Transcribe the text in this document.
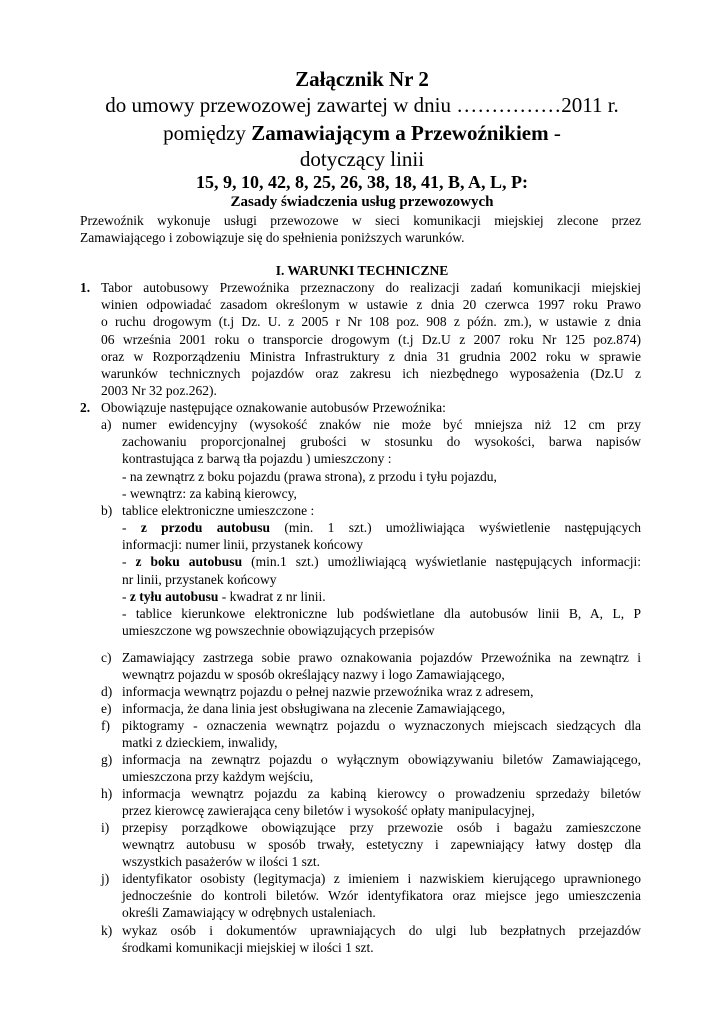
Załącznik Nr 2
do umowy przewozowej zawartej w dniu ……………2011 r.
pomiędzy Zamawiającym a Przewoźnikiem -
dotyczący linii
15, 9, 10, 42, 8, 25, 26, 38, 18, 41, B, A, L, P:
Zasady świadczenia usług przewozowych
Przewoźnik wykonuje usługi przewozowe w sieci komunikacji miejskiej zlecone przez
Zamawiającego i zobowiązuje się do spełnienia poniższych warunków.
I. WARUNKI TECHNICZNE
1. Tabor autobusowy Przewoźnika przeznaczony do realizacji zadań komunikacji miejskiej
winien odpowiadać zasadom określonym w ustawie z dnia 20 czerwca 1997 roku Prawo
o ruchu drogowym (t.j Dz. U. z 2005 r Nr 108 poz. 908 z późn. zm.), w ustawie z dnia
06 września 2001 roku o transporcie drogowym (t.j Dz.U z 2007 roku Nr 125 poz.874)
oraz w Rozporządzeniu Ministra Infrastruktury z dnia 31 grudnia 2002 roku w sprawie
warunków technicznych pojazdów oraz zakresu ich niezbędnego wyposażenia (Dz.U z
2003 Nr 32 poz.262).
2. Obowiązuje następujące oznakowanie autobusów Przewoźnika:
a) numer ewidencyjny (wysokość znaków nie może być mniejsza niż 12 cm przy
zachowaniu proporcjonalnej grubości w stosunku do wysokości, barwa napisów
kontrastująca z barwą tła pojazdu ) umieszczony :
- na zewnątrz z boku pojazdu (prawa strona), z przodu i tyłu pojazdu,
- wewnątrz: za kabiną kierowcy,
b) tablice elektroniczne umieszczone :
- z przodu autobusu (min. 1 szt.) umożliwiająca wyświetlenie następujących
informacji: numer linii, przystanek końcowy
- z boku autobusu (min.1 szt.) umożliwiającą wyświetlanie następujących informacji:
nr linii, przystanek końcowy
- z tyłu autobusu - kwadrat z nr linii.
- tablice kierunkowe elektroniczne lub podświetlane dla autobusów linii B, A, L, P
umieszczone wg powszechnie obowiązujących przepisów
c) Zamawiający zastrzega sobie prawo oznakowania pojazdów Przewoźnika na zewnątrz i
wewnątrz pojazdu w sposób określający nazwy i logo Zamawiającego,
d) informacja wewnątrz pojazdu o pełnej nazwie przewoźnika wraz z adresem,
e) informacja, że dana linia jest obsługiwana na zlecenie Zamawiającego,
f) piktogramy - oznaczenia wewnątrz pojazdu o wyznaczonych miejscach siedzących dla
matki z dzieckiem, inwalidy,
g) informacja na zewnątrz pojazdu o wyłącznym obowiązywaniu biletów Zamawiającego,
umieszczona przy każdym wejściu,
h) informacja wewnątrz pojazdu za kabiną kierowcy o prowadzeniu sprzedaży biletów
przez kierowcę zawierająca ceny biletów i wysokość opłaty manipulacyjnej,
i) przepisy porządkowe obowiązujące przy przewozie osób i bagażu zamieszczone
wewnątrz autobusu w sposób trwały, estetyczny i zapewniający łatwy dostęp dla
wszystkich pasażerów w ilości 1 szt.
j) identyfikator osobisty (legitymacja) z imieniem i nazwiskiem kierującego uprawnionego
jednocześnie do kontroli biletów. Wzór identyfikatora oraz miejsce jego umieszczenia
określi Zamawiający w odrębnych ustaleniach.
k) wykaz osób i dokumentów uprawniających do ulgi lub bezpłatnych przejazdów
środkami komunikacji miejskiej w ilości 1 szt.
